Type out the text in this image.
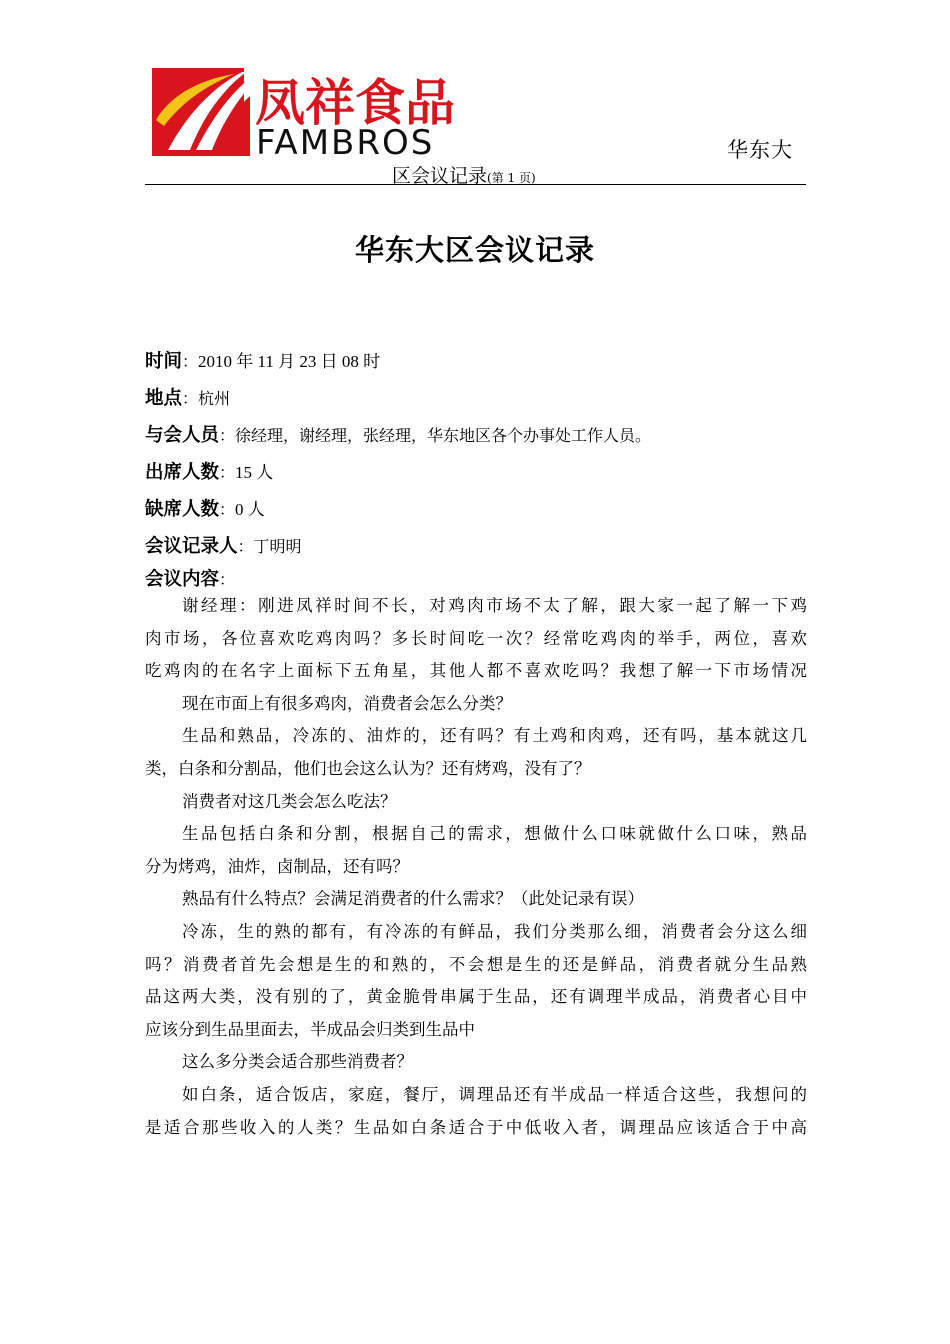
凤祥食品
FAMBROS	华东大
区会议记录(第 1 页)
华东大区会议记录
时间：2010 年 11 月 23 日 08 时
地点：杭州
与会人员：徐经理，谢经理，张经理，华东地区各个办事处工作人员。
出席人数：15 人
缺席人数：0 人
会议记录人：丁明明
会议内容：
谢经理：刚进凤祥时间不长，对鸡肉市场不太了解，跟大家一起了解一下鸡
肉市场，各位喜欢吃鸡肉吗？多长时间吃一次？经常吃鸡肉的举手，两位，喜欢
吃鸡肉的在名字上面标下五角星，其他人都不喜欢吃吗？我想了解一下市场情况
现在市面上有很多鸡肉，消费者会怎么分类？
生品和熟品，冷冻的、油炸的，还有吗？有土鸡和肉鸡，还有吗，基本就这几
类，白条和分割品，他们也会这么认为？还有烤鸡，没有了？
消费者对这几类会怎么吃法？
生品包括白条和分割，根据自己的需求，想做什么口味就做什么口味，熟品
分为烤鸡，油炸，卤制品，还有吗？
熟品有什么特点？会满足消费者的什么需求？（此处记录有误）
冷冻，生的熟的都有，有冷冻的有鲜品，我们分类那么细，消费者会分这么细
吗？消费者首先会想是生的和熟的，不会想是生的还是鲜品，消费者就分生品熟
品这两大类，没有别的了，黄金脆骨串属于生品，还有调理半成品，消费者心目中
应该分到生品里面去，半成品会归类到生品中
这么多分类会适合那些消费者？
如白条，适合饭店，家庭，餐厅，调理品还有半成品一样适合这些，我想问的
是适合那些收入的人类？生品如白条适合于中低收入者，调理品应该适合于中高
